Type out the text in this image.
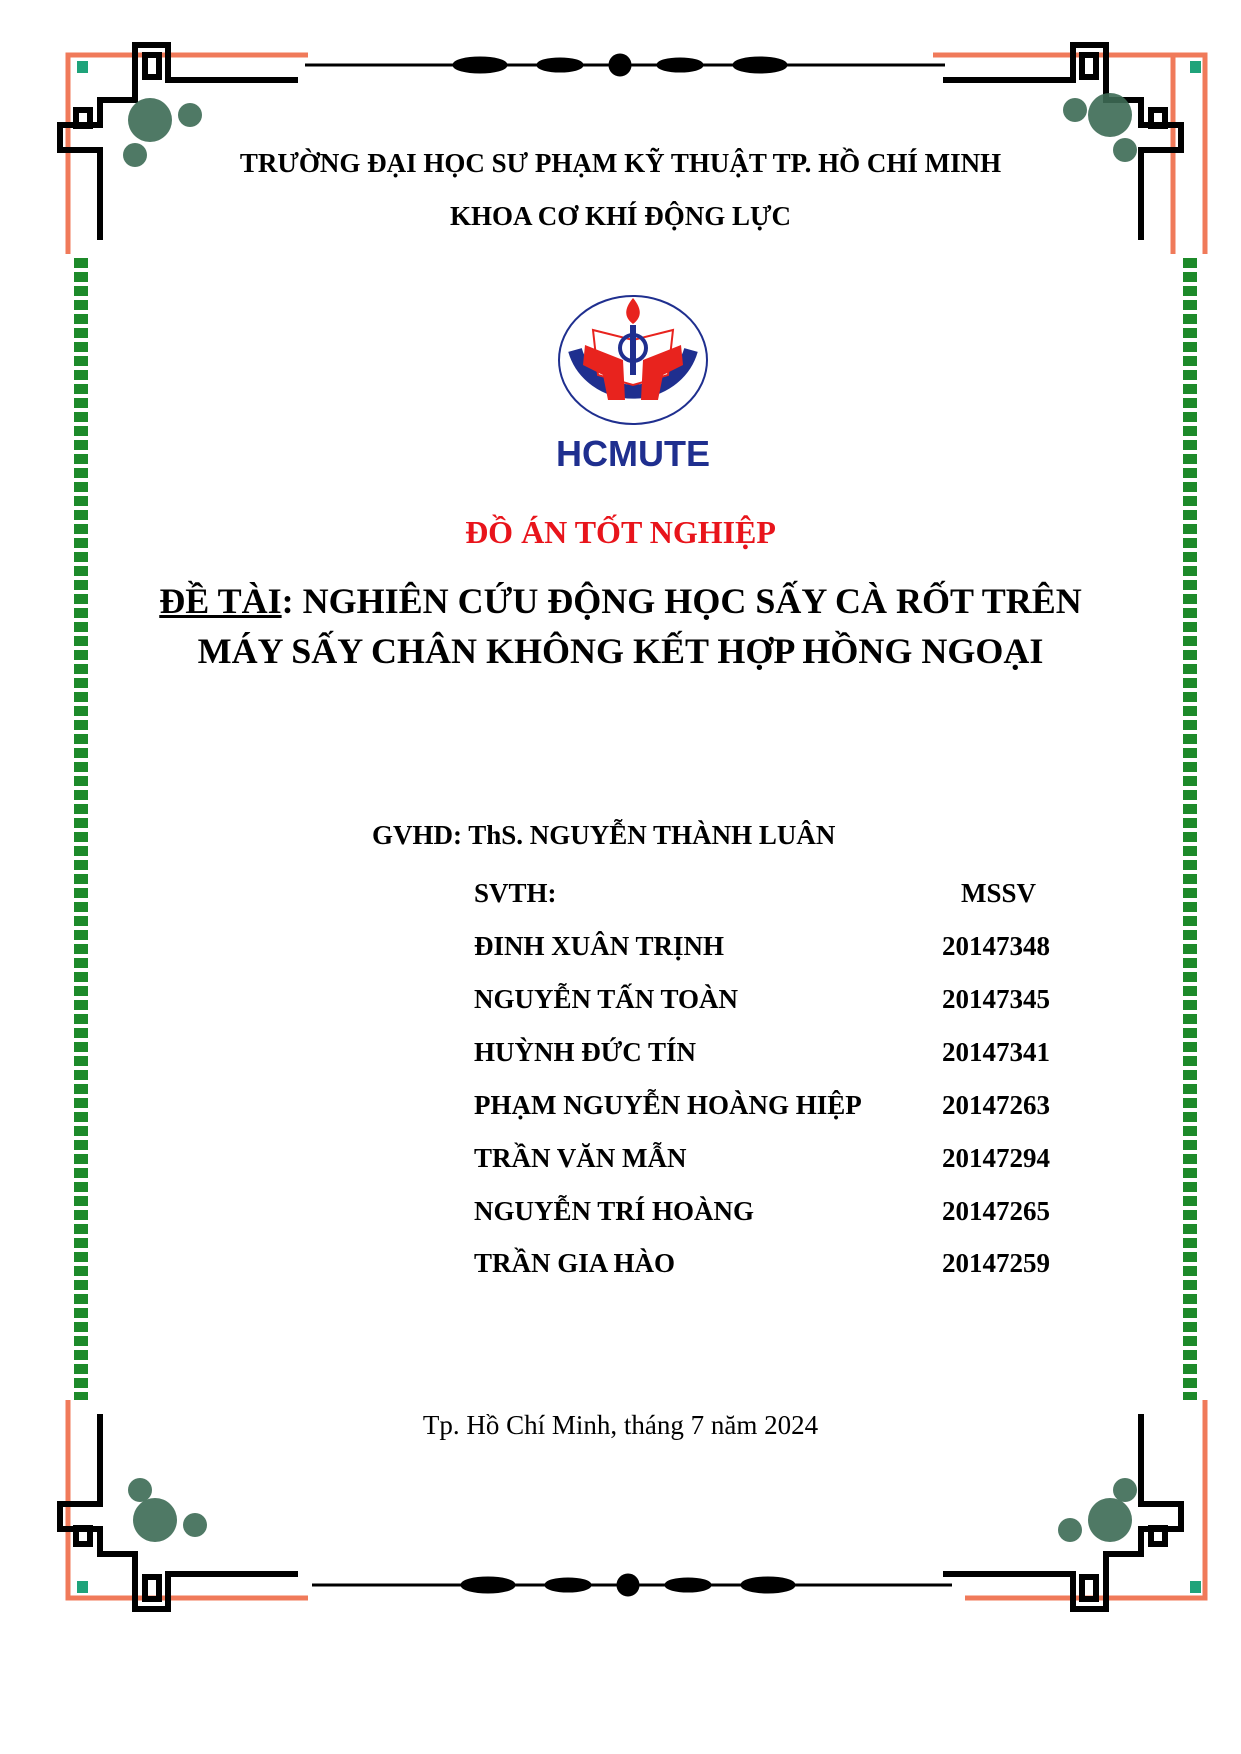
TRƯỜNG ĐẠI HỌC SƯ PHẠM KỸ THUẬT TP. HỒ CHÍ MINH
KHOA CƠ KHÍ ĐỘNG LỰC
HCMUTE
ĐỒ ÁN TỐT NGHIỆP
ĐỀ TÀI: NGHIÊN CỨU ĐỘNG HỌC SẤY CÀ RỐT TRÊN
MÁY SẤY CHÂN KHÔNG KẾT HỢP HỒNG NGOẠI
GVHD: ThS. NGUYỄN THÀNH LUÂN
SVTH:	MSSV
ĐINH XUÂN TRỊNH	20147348
NGUYỄN TẤN TOÀN	20147345
HUỲNH ĐỨC TÍN	20147341
PHẠM NGUYỄN HOÀNG HIỆP	20147263
TRẦN VĂN MẪN	20147294
NGUYỄN TRÍ HOÀNG	20147265
TRẦN GIA HÀO	20147259
Tp. Hồ Chí Minh, tháng 7 năm 2024
